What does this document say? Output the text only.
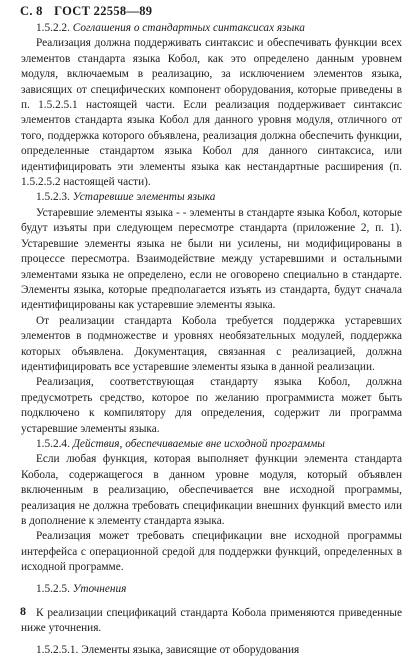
С. 8 ГОСТ 22558—89

1.5.2.2. Соглашения о стандартных синтаксисах языка

Реализация должна поддерживать синтаксис и обеспечивать функции всех элементов стандарта языка Кобол, как это определено данным уровнем модуля, включаемым в реализацию, за исключением элементов языка, зависящих от специфических компонент оборудования, которые приведены в п. 1.5.2.5.1 настоящей части. Если реализация поддерживает синтаксис элементов стандарта языка Кобол для данного уровня модуля, отличного от того, поддержка которого объявлена, реализация должна обеспечить функции, определенные стандартом языка Кобол для данного синтаксиса, или идентифицировать эти элементы языка как нестандартные расширения (п. 1.5.2.5.2 настоящей части).

1.5.2.3. Устаревшие элементы языка

Устаревшие элементы языка - - элементы в стандарте языка Кобол, которые будут изъяты при следующем пересмотре стандарта (приложение 2, п. 1). Устаревшие элементы языка не были ни усилены, ни модифицированы в процессе пересмотра. Взаимодействие между устаревшими и остальными элементами языка не определено, если не оговорено специально в стандарте. Элементы языка, которые предполагается изъять из стандарта, будут сначала идентифицированы как устаревшие элементы языка.

От реализации стандарта Кобола требуется поддержка устаревших элементов в подмножестве и уровнях необязательных модулей, поддержка которых объявлена. Документация, связанная с реализацией, должна идентифицировать все устаревшие элементы языка в данной реализации.

Реализация, соответствующая стандарту языка Кобол, должна предусмотреть средство, которое по желанию программиста может быть подключено к компилятору для определения, содержит ли программа устаревшие элементы языка.

1.5.2.4. Действия, обеспечиваемые вне исходной программы

Если любая функция, которая выполняет функции элемента стандарта Кобола, содержащегося в данном уровне модуля, который объявлен включенным в реализацию, обеспечивается вне исходной программы, реализация не должна требовать спецификации внешних функций вместо или в дополнение к элементу стандарта языка.

Реализация может требовать спецификации вне исходной программы интерфейса с операционной средой для поддержки функций, определенных в исходной программе.

1.5.2.5. Уточнения

К реализации спецификаций стандарта Кобола применяются приведенные ниже уточнения.

1.5.2.5.1. Элементы языка, зависящие от оборудования

8
